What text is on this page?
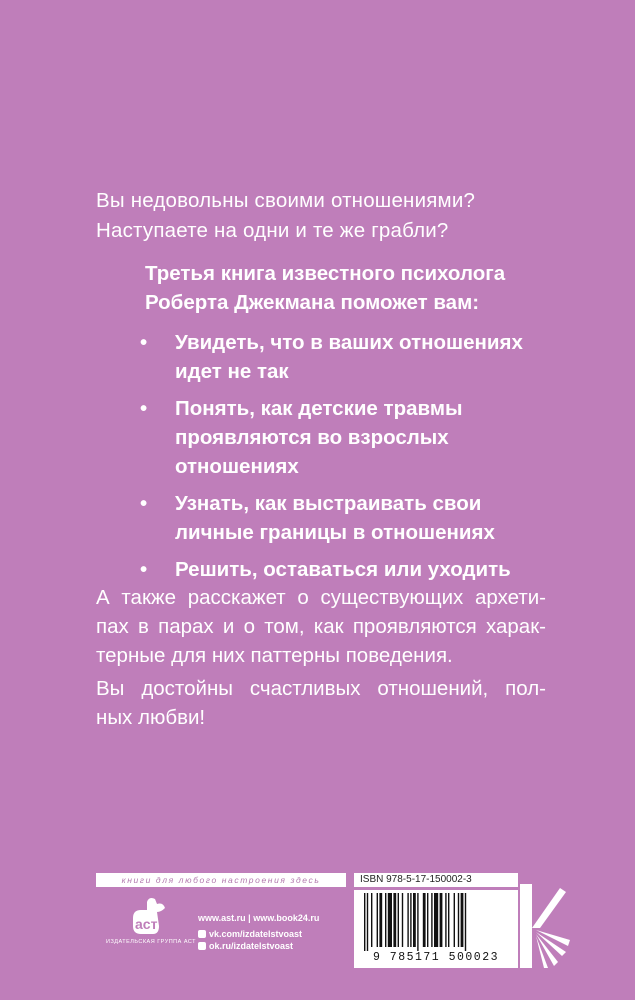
Вы недовольны своими отношениями?
Наступаете на одни и те же грабли?
Третья книга известного психолога
Роберта Джекмана поможет вам:
• Увидеть, что в ваших отношениях
идет не так
• Понять, как детские травмы
проявляются во взрослых
отношениях
• Узнать, как выстраивать свои
личные границы в отношениях
• Решить, оставаться или уходить
А также расскажет о существующих архети-
пах в парах и о том, как проявляются харак-
терные для них паттерны поведения.
Вы достойны счастливых отношений, пол-
ных любви!
книги для любого настроения здесь	ISBN 978-5-17-150002-3
аст
ИЗДАТЕЛЬСКАЯ ГРУППА АСТ
www.ast.ru | www.book24.ru
vk.com/izdatelstvoast
ok.ru/izdatelstvoast
9 785171 500023
